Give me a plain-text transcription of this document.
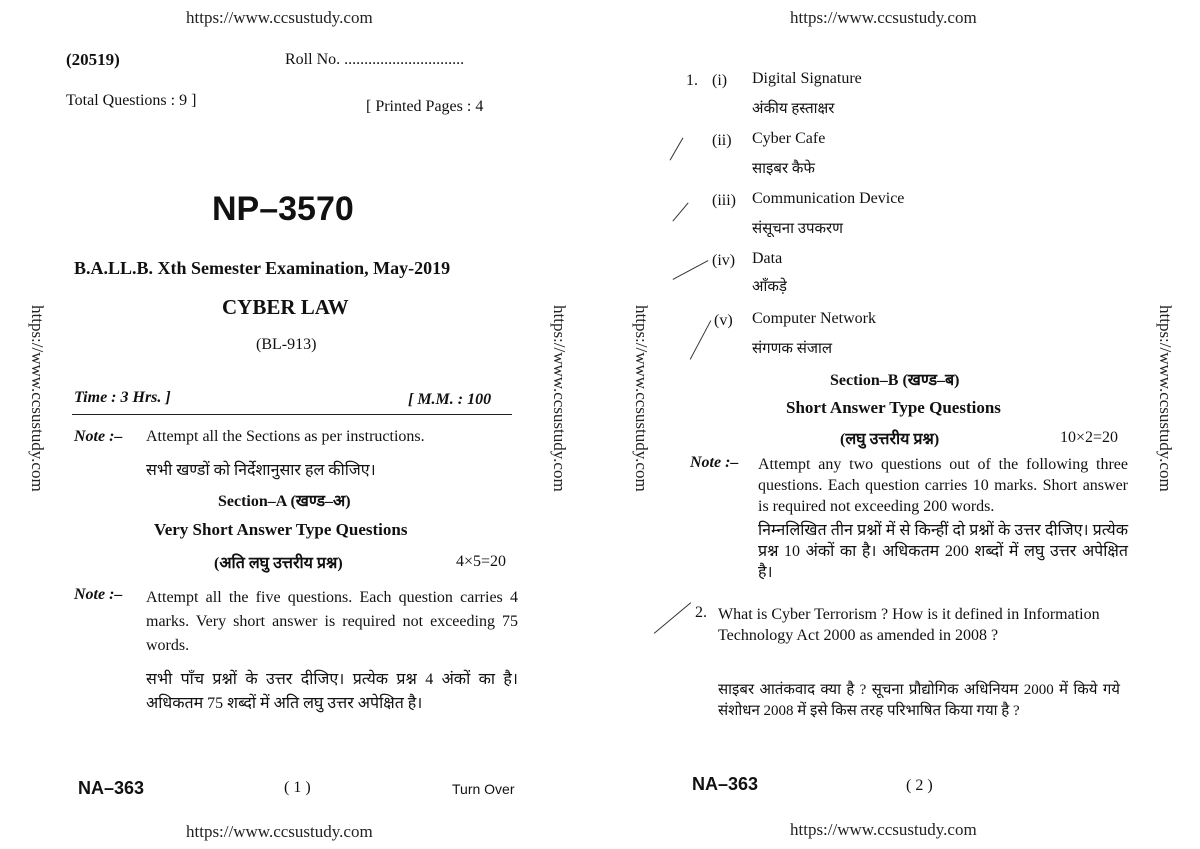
https://www.ccsustudy.com	https://www.ccsustudy.com
https://www.ccsustudy.com	https://www.ccsustudy.com	https://www.ccsustudy.com	https://www.ccsustudy.com
(20519)	Roll No. ..............................
Total Questions : 9 ]	[ Printed Pages : 4
NP–3570
B.A.LL.B. Xth Semester Examination, May-2019
CYBER LAW
(BL-913)
Time : 3 Hrs. ]	[ M.M. : 100
Note :– Attempt all the Sections as per instructions.
सभी खण्डों को निर्देशानुसार हल कीजिए।
Section–A (खण्ड–अ)
Very Short Answer Type Questions
(अति लघु उत्तरीय प्रश्न)	4×5=20
Note :– Attempt all the five questions. Each question carries 4 marks. Very short answer is required not exceeding 75 words.
सभी पाँच प्रश्नों के उत्तर दीजिए। प्रत्येक प्रश्न 4 अंकों का है। अधिकतम 75 शब्दों में अति लघु उत्तर अपेक्षित है।
NA–363	( 1 )	Turn Over
https://www.ccsustudy.com
1. (i) Digital Signature
अंकीय हस्ताक्षर
(ii) Cyber Cafe
साइबर कैफे
(iii) Communication Device
संसूचना उपकरण
(iv) Data
आँकड़े
(v) Computer Network
संगणक संजाल
Section–B (खण्ड–ब)
Short Answer Type Questions
(लघु उत्तरीय प्रश्न)	10×2=20
Note :– Attempt any two questions out of the following three questions. Each question carries 10 marks. Short answer is required not exceeding 200 words.
निम्नलिखित तीन प्रश्नों में से किन्हीं दो प्रश्नों के उत्तर दीजिए। प्रत्येक प्रश्न 10 अंकों का है। अधिकतम 200 शब्दों में लघु उत्तर अपेक्षित है।
2. What is Cyber Terrorism ? How is it defined in Information Technology Act 2000 as amended in 2008 ?
साइबर आतंकवाद क्या है ? सूचना प्रौद्योगिक अधिनियम 2000 में किये गये संशोधन 2008 में इसे किस तरह परिभाषित किया गया है ?
NA–363	( 2 )
https://www.ccsustudy.com
